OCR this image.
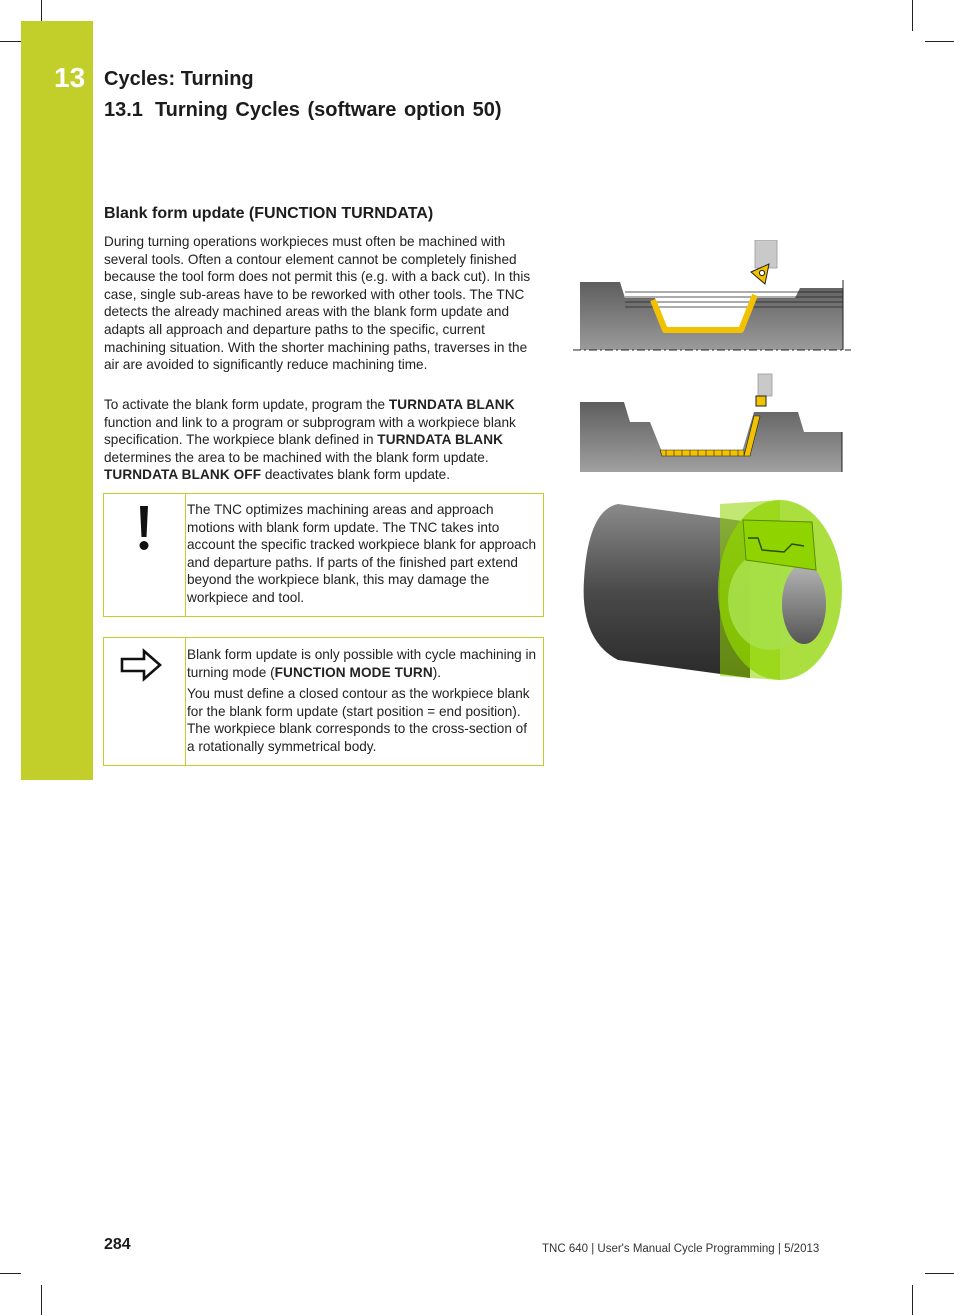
13 Cycles: Turning
13.1 Turning Cycles (software option 50)
Blank form update (FUNCTION TURNDATA)

During turning operations workpieces must often be machined with several tools. Often a contour element cannot be completely finished because the tool form does not permit this (e.g. with a back cut). In this case, single sub-areas have to be reworked with other tools. The TNC detects the already machined areas with the blank form update and adapts all approach and departure paths to the specific, current machining situation. With the shorter machining paths, traverses in the air are avoided to significantly reduce machining time.

To activate the blank form update, program the TURNDATA BLANK function and link to a program or subprogram with a workpiece blank specification. The workpiece blank defined in TURNDATA BLANK determines the area to be machined with the blank form update. TURNDATA BLANK OFF deactivates blank form update.

The TNC optimizes machining areas and approach motions with blank form update. The TNC takes into account the specific tracked workpiece blank for approach and departure paths. If parts of the finished part extend beyond the workpiece blank, this may damage the workpiece and tool.

Blank form update is only possible with cycle machining in turning mode (FUNCTION MODE TURN).

You must define a closed contour as the workpiece blank for the blank form update (start position = end position). The workpiece blank corresponds to the cross-section of a rotationally symmetrical body.

284	TNC 640 | User's Manual Cycle Programming | 5/2013
